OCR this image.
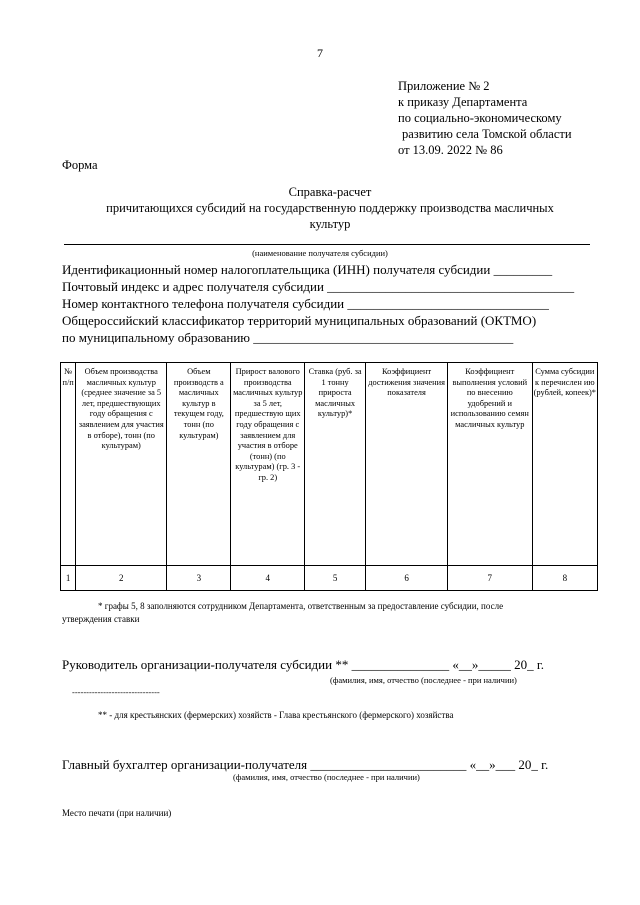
7
Приложение № 2
к приказу Департамента
по социально-экономическому
развитию села Томской области
от 13.09. 2022 № 86
Форма
Справка-расчет
причитающихся субсидий на государственную поддержку производства масличных
культур
(наименование получателя субсидии)
Идентификационный номер налогоплательщика (ИНН) получателя субсидии _________
Почтовый индекс и адрес получателя субсидии ______________________________________
Номер контактного телефона получателя субсидии _______________________________
Общероссийский классификатор территорий муниципальных образований (ОКТМО)
по муниципальному образованию ________________________________________
№ п/п	Объем производства масличных культур (среднее значение за 5 лет, предшествующих году обращения с заявлением для участия в отборе), тонн (по культурам)	Объем производств а масличных культур в текущем году, тонн (по культурам)	Прирост валового производства масличных культур за 5 лет, предшествую щих году обращения с заявлением для участия в отборе (тонн) (по культурам) (гр. 3 - гр. 2)	Ставка (руб. за 1 тонну прироста масличных культур)*	Коэффициент достижения значения показателя	Коэффициент выполнения условий по внесению удобрений и использованию семян масличных культур	Сумма субсидии к перечислен ию (рублей, копеек)*
1	2	3	4	5	6	7	8
* графы 5, 8 заполняются сотрудником Департамента, ответственным за предоставление субсидии, после
утверждения ставки
Руководитель организации-получателя субсидии ** _______________ «__»_____ 20_ г.
(фамилия, имя, отчество (последнее - при наличии)
-------------------------------
** - для крестьянских (фермерских) хозяйств - Глава крестьянского (фермерского) хозяйства
Главный бухгалтер организации-получателя ________________________ «__»___ 20_ г.
(фамилия, имя, отчество (последнее - при наличии)
Место печати (при наличии)
